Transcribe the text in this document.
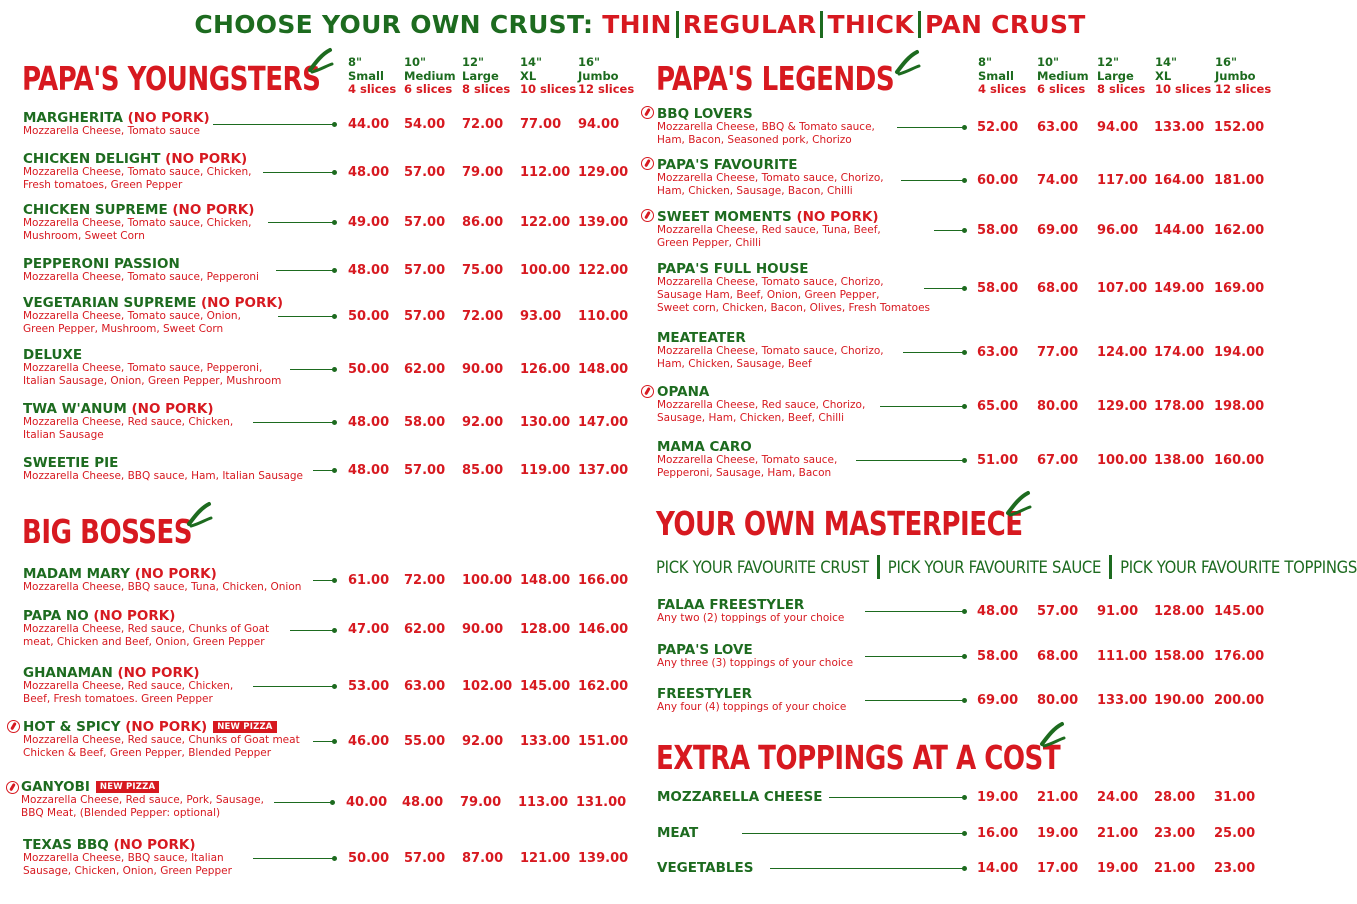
CHOOSE YOUR OWN CRUST: THIN REGULAR THICK PAN CRUST
PAPA'S YOUNGSTERS
BIG BOSSES
PAPA'S LEGENDS
YOUR OWN MASTERPIECE
EXTRA TOPPINGS AT A COST
8"
Small
4 slices
10"
Medium
6 slices
12"
Large
8 slices
14"
XL
10 slices
16"
Jumbo
12 slices
8"
Small
4 slices
10"
Medium
6 slices
12"
Large
8 slices
14"
XL
10 slices
16"
Jumbo
12 slices
PICK YOUR FAVOURITE CRUST PICK YOUR FAVOURITE SAUCE PICK YOUR FAVOURITE TOPPINGS
MARGHERITA (NO PORK)
Mozzarella Cheese, Tomato sauce
CHICKEN DELIGHT (NO PORK)
Mozzarella Cheese, Tomato sauce, Chicken,
Fresh tomatoes, Green Pepper
CHICKEN SUPREME (NO PORK)
Mozzarella Cheese, Tomato sauce, Chicken,
Mushroom, Sweet Corn
PEPPERONI PASSION
Mozzarella Cheese, Tomato sauce, Pepperoni
VEGETARIAN SUPREME (NO PORK)
Mozzarella Cheese, Tomato sauce, Onion,
Green Pepper, Mushroom, Sweet Corn
DELUXE
Mozzarella Cheese, Tomato sauce, Pepperoni,
Italian Sausage, Onion, Green Pepper, Mushroom
TWA W'ANUM (NO PORK)
Mozzarella Cheese, Red sauce, Chicken,
Italian Sausage
SWEETIE PIE
Mozzarella Cheese, BBQ sauce, Ham, Italian Sausage
44.00 54.00 72.00 77.00 94.00
48.00 57.00 79.00 112.00 129.00
49.00 57.00 86.00 122.00 139.00
48.00 57.00 75.00 100.00 122.00
50.00 57.00 72.00 93.00 110.00
50.00 62.00 90.00 126.00 148.00
48.00 58.00 92.00 130.00 147.00
48.00 57.00 85.00 119.00 137.00
MADAM MARY (NO PORK)
Mozzarella Cheese, BBQ sauce, Tuna, Chicken, Onion
PAPA NO (NO PORK)
Mozzarella Cheese, Red sauce, Chunks of Goat
meat, Chicken and Beef, Onion, Green Pepper
GHANAMAN (NO PORK)
Mozzarella Cheese, Red sauce, Chicken,
Beef, Fresh tomatoes. Green Pepper
HOT & SPICY (NO PORK) NEW PIZZA
Mozzarella Cheese, Red sauce, Chunks of Goat meat
Chicken & Beef, Green Pepper, Blended Pepper
GANYOBI NEW PIZZA
Mozzarella Cheese, Red sauce, Pork, Sausage,
BBQ Meat, (Blended Pepper: optional)
TEXAS BBQ (NO PORK)
Mozzarella Cheese, BBQ sauce, Italian
Sausage, Chicken, Onion, Green Pepper
61.00 72.00 100.00 148.00 166.00
47.00 62.00 90.00 128.00 146.00
53.00 63.00 102.00 145.00 162.00
46.00 55.00 92.00 133.00 151.00
40.00 48.00 79.00 113.00 131.00
50.00 57.00 87.00 121.00 139.00
BBQ LOVERS
Mozzarella Cheese, BBQ & Tomato sauce,
Ham, Bacon, Seasoned pork, Chorizo
PAPA'S FAVOURITE
Mozzarella Cheese, Tomato sauce, Chorizo,
Ham, Chicken, Sausage, Bacon, Chilli
SWEET MOMENTS (NO PORK)
Mozzarella Cheese, Red sauce, Tuna, Beef,
Green Pepper, Chilli
PAPA'S FULL HOUSE
Mozzarella Cheese, Tomato sauce, Chorizo,
Sausage Ham, Beef, Onion, Green Pepper,
Sweet corn, Chicken, Bacon, Olives, Fresh Tomatoes
MEATEATER
Mozzarella Cheese, Tomato sauce, Chorizo,
Ham, Chicken, Sausage, Beef
OPANA
Mozzarella Cheese, Red sauce, Chorizo,
Sausage, Ham, Chicken, Beef, Chilli
MAMA CARO
Mozzarella Cheese, Tomato sauce,
Pepperoni, Sausage, Ham, Bacon
52.00 63.00 94.00 133.00 152.00
60.00 74.00 117.00 164.00 181.00
58.00 69.00 96.00 144.00 162.00
58.00 68.00 107.00 149.00 169.00
63.00 77.00 124.00 174.00 194.00
65.00 80.00 129.00 178.00 198.00
51.00 67.00 100.00 138.00 160.00
FALAA FREESTYLER
Any two (2) toppings of your choice
PAPA'S LOVE
Any three (3) toppings of your choice
FREESTYLER
Any four (4) toppings of your choice
48.00 57.00 91.00 128.00 145.00
58.00 68.00 111.00 158.00 176.00
69.00 80.00 133.00 190.00 200.00
MOZZARELLA CHEESE
MEAT
VEGETABLES
19.00 21.00 24.00 28.00 31.00
16.00 19.00 21.00 23.00 25.00
14.00 17.00 19.00 21.00 23.00
